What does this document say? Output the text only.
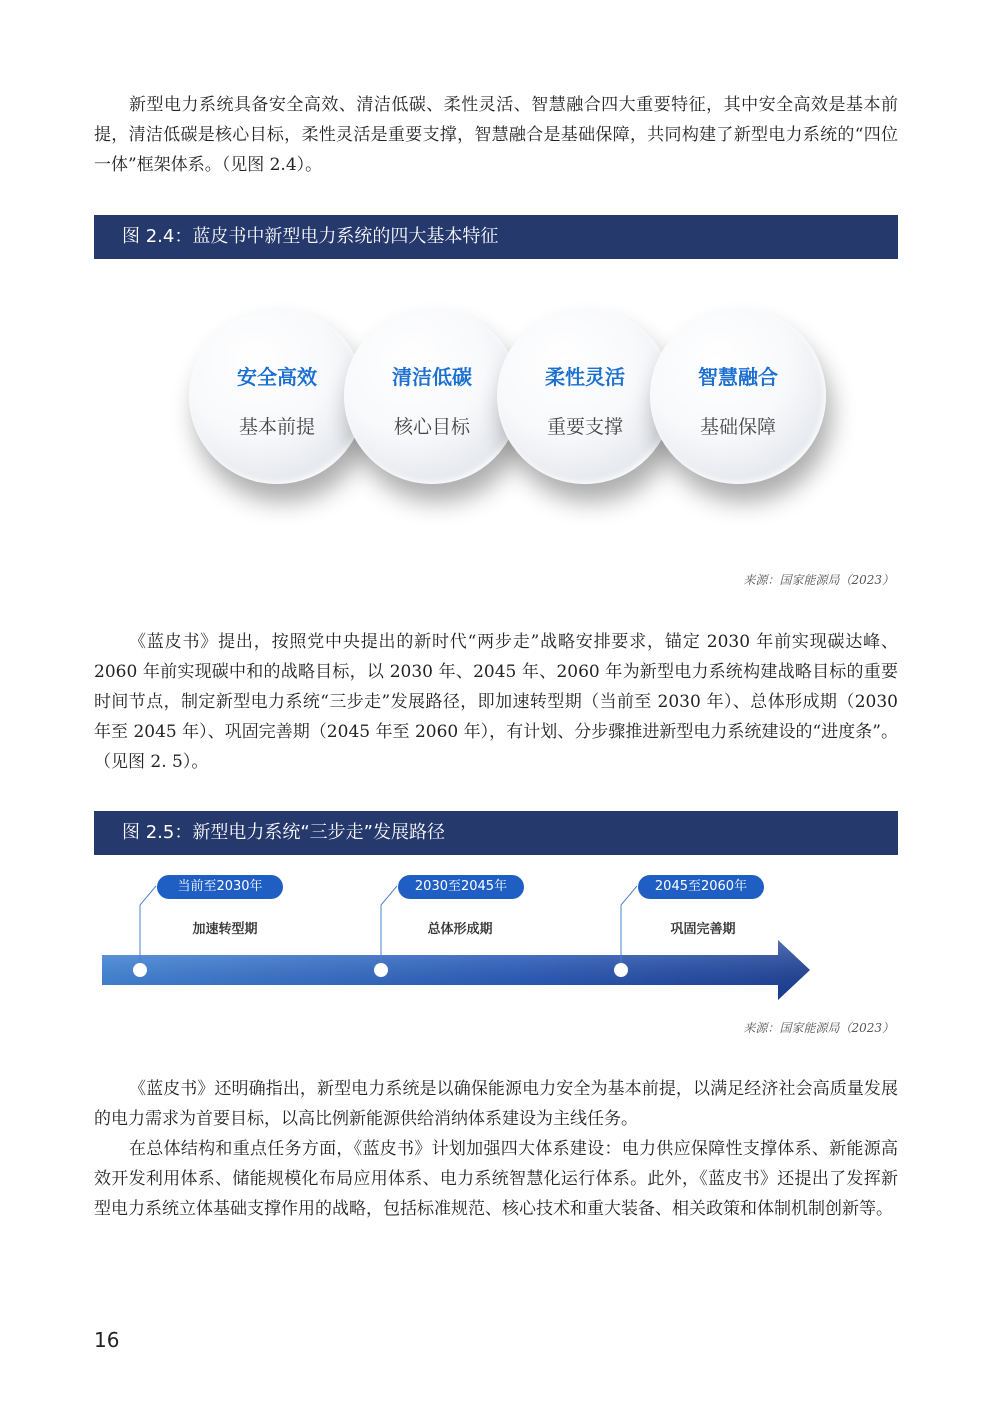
新型电力系统具备安全高效、清洁低碳、柔性灵活、智慧融合四大重要特征，其中安全高效是基本前提，清洁低碳是核心目标，柔性灵活是重要支撑，智慧融合是基础保障，共同构建了新型电力系统的“四位一体”框架体系。（见图 2.4）。

图 2.4：蓝皮书中新型电力系统的四大基本特征
安全高效
基本前提
清洁低碳
核心目标
柔性灵活
重要支撑
智慧融合
基础保障
来源：国家能源局（2023）

《蓝皮书》提出，按照党中央提出的新时代“两步走”战略安排要求，锚定 2030 年前实现碳达峰、2060 年前实现碳中和的战略目标，以 2030 年、2045 年、2060 年为新型电力系统构建战略目标的重要时间节点，制定新型电力系统“三步走”发展路径，即加速转型期（当前至 2030 年）、总体形成期（2030 年至 2045 年）、巩固完善期（2045 年至 2060 年），有计划、分步骤推进新型电力系统建设的“进度条”。（见图 2. 5）。

图 2.5：新型电力系统“三步走”发展路径
当前至2030年	2030至2045年	2045至2060年
加速转型期	总体形成期	巩固完善期
来源：国家能源局（2023）

《蓝皮书》还明确指出，新型电力系统是以确保能源电力安全为基本前提，以满足经济社会高质量发展的电力需求为首要目标，以高比例新能源供给消纳体系建设为主线任务。

在总体结构和重点任务方面，《蓝皮书》计划加强四大体系建设：电力供应保障性支撑体系、新能源高效开发利用体系、储能规模化布局应用体系、电力系统智慧化运行体系。此外，《蓝皮书》还提出了发挥新型电力系统立体基础支撑作用的战略，包括标准规范、核心技术和重大装备、相关政策和体制机制创新等。

16
